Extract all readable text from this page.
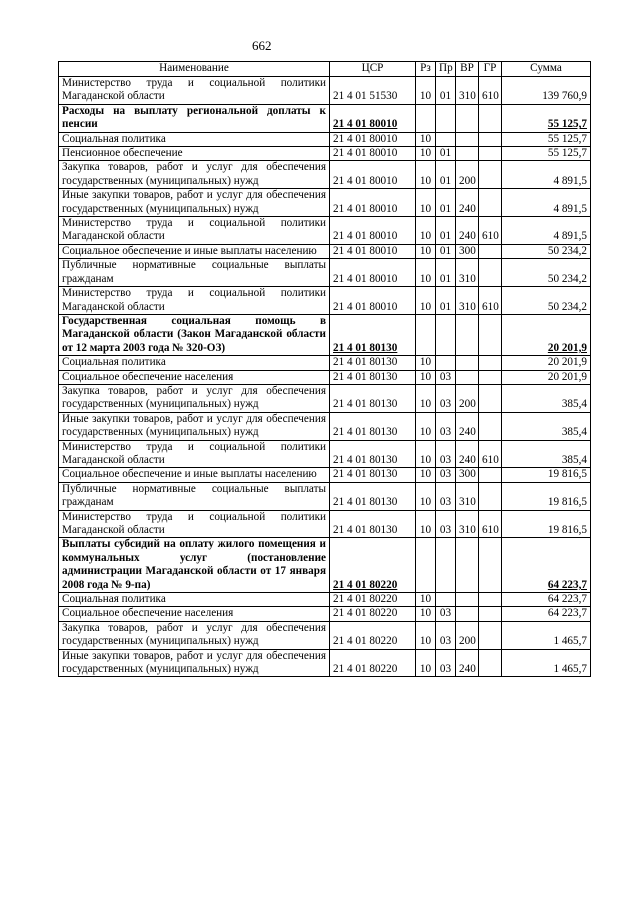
662
Наименование	ЦСР	Рз	Пр	ВР	ГР	Сумма
Министерство труда и социальной политики Магаданской области	21 4 01 51530	10	01	310	610	139 760,9
Расходы на выплату региональной доплаты к пенсии	21 4 01 80010					55 125,7
Социальная политика	21 4 01 80010	10				55 125,7
Пенсионное обеспечение	21 4 01 80010	10	01			55 125,7
Закупка товаров, работ и услуг для обеспечения государственных (муниципальных) нужд	21 4 01 80010	10	01	200		4 891,5
Иные закупки товаров, работ и услуг для обеспечения государственных (муниципальных) нужд	21 4 01 80010	10	01	240		4 891,5
Министерство труда и социальной политики Магаданской области	21 4 01 80010	10	01	240	610	4 891,5
Социальное обеспечение и иные выплаты населению	21 4 01 80010	10	01	300		50 234,2
Публичные нормативные социальные выплаты гражданам	21 4 01 80010	10	01	310		50 234,2
Министерство труда и социальной политики Магаданской области	21 4 01 80010	10	01	310	610	50 234,2
Государственная социальная помощь в Магаданской области (Закон Магаданской области от 12 марта 2003 года № 320-ОЗ)	21 4 01 80130					20 201,9
Социальная политика	21 4 01 80130	10				20 201,9
Социальное обеспечение населения	21 4 01 80130	10	03			20 201,9
Закупка товаров, работ и услуг для обеспечения государственных (муниципальных) нужд	21 4 01 80130	10	03	200		385,4
Иные закупки товаров, работ и услуг для обеспечения государственных (муниципальных) нужд	21 4 01 80130	10	03	240		385,4
Министерство труда и социальной политики Магаданской области	21 4 01 80130	10	03	240	610	385,4
Социальное обеспечение и иные выплаты населению	21 4 01 80130	10	03	300		19 816,5
Публичные нормативные социальные выплаты гражданам	21 4 01 80130	10	03	310		19 816,5
Министерство труда и социальной политики Магаданской области	21 4 01 80130	10	03	310	610	19 816,5
Выплаты субсидий на оплату жилого помещения и коммунальных услуг (постановление администрации Магаданской области от 17 января 2008 года № 9-па)	21 4 01 80220					64 223,7
Социальная политика	21 4 01 80220	10				64 223,7
Социальное обеспечение населения	21 4 01 80220	10	03			64 223,7
Закупка товаров, работ и услуг для обеспечения государственных (муниципальных) нужд	21 4 01 80220	10	03	200		1 465,7
Иные закупки товаров, работ и услуг для обеспечения государственных (муниципальных) нужд	21 4 01 80220	10	03	240		1 465,7
